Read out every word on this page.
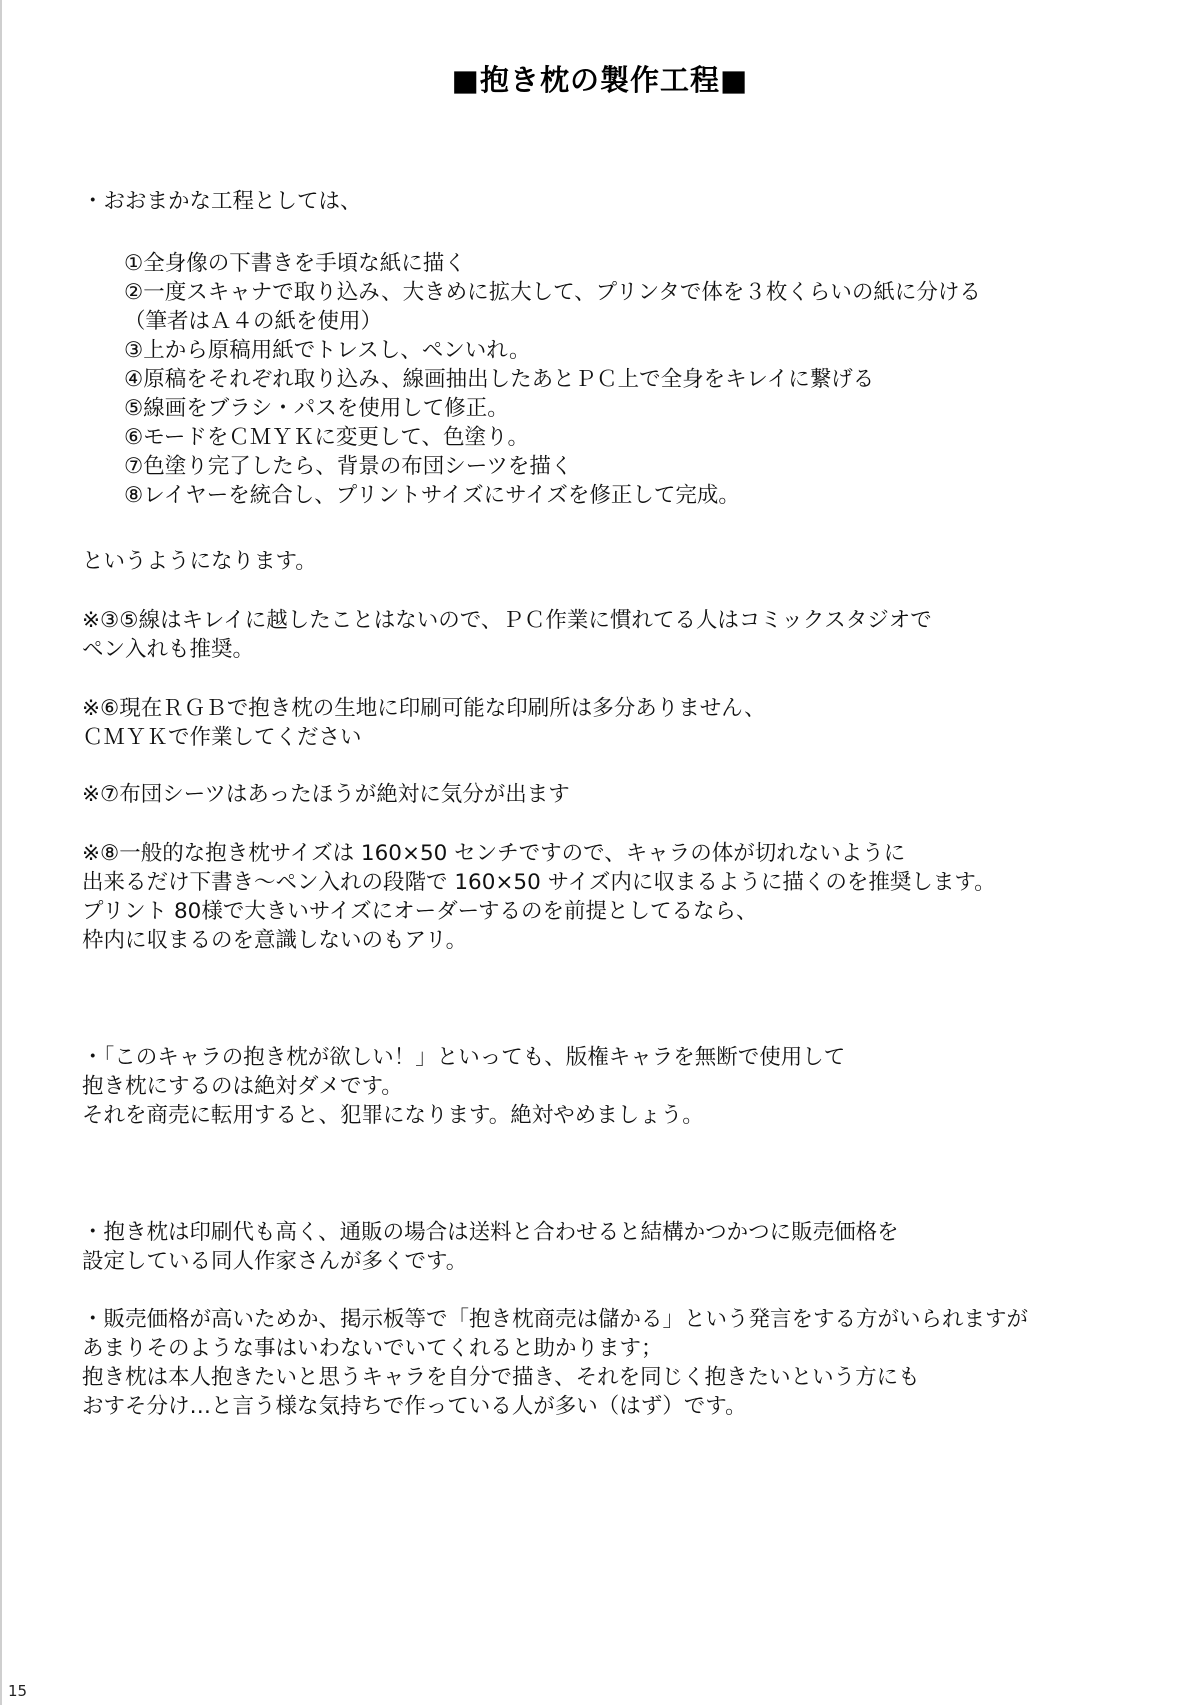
■抱き枕の製作工程■
・おおまかな工程としては、
①全身像の下書きを手頃な紙に描く
②一度スキャナで取り込み、大きめに拡大して、プリンタで体を３枚くらいの紙に分ける
（筆者はＡ４の紙を使用）
③上から原稿用紙でトレスし、ペンいれ。
④原稿をそれぞれ取り込み、線画抽出したあとＰＣ上で全身をキレイに繋げる
⑤線画をブラシ・パスを使用して修正。
⑥モードをＣＭＹＫに変更して、色塗り。
⑦色塗り完了したら、背景の布団シーツを描く
⑧レイヤーを統合し、プリントサイズにサイズを修正して完成。
というようになります。
※③⑤線はキレイに越したことはないので、ＰＣ作業に慣れてる人はコミックスタジオで
ペン入れも推奨。
※⑥現在ＲＧＢで抱き枕の生地に印刷可能な印刷所は多分ありません、
ＣＭＹＫで作業してください
※⑦布団シーツはあったほうが絶対に気分が出ます
※⑧一般的な抱き枕サイズは 160×50 センチですので、キャラの体が切れないように
出来るだけ下書き～ペン入れの段階で 160×50 サイズ内に収まるように描くのを推奨します。
プリント 80様で大きいサイズにオーダーするのを前提としてるなら、
枠内に収まるのを意識しないのもアリ。
・「このキャラの抱き枕が欲しい！」といっても、版権キャラを無断で使用して
抱き枕にするのは絶対ダメです。
それを商売に転用すると、犯罪になります。絶対やめましょう。
・抱き枕は印刷代も高く、通販の場合は送料と合わせると結構かつかつに販売価格を
設定している同人作家さんが多くです。
・販売価格が高いためか、掲示板等で「抱き枕商売は儲かる」という発言をする方がいられますが
あまりそのような事はいわないでいてくれると助かります；
抱き枕は本人抱きたいと思うキャラを自分で描き、それを同じく抱きたいという方にも
おすそ分け…と言う様な気持ちで作っている人が多い（はず）です。
15
